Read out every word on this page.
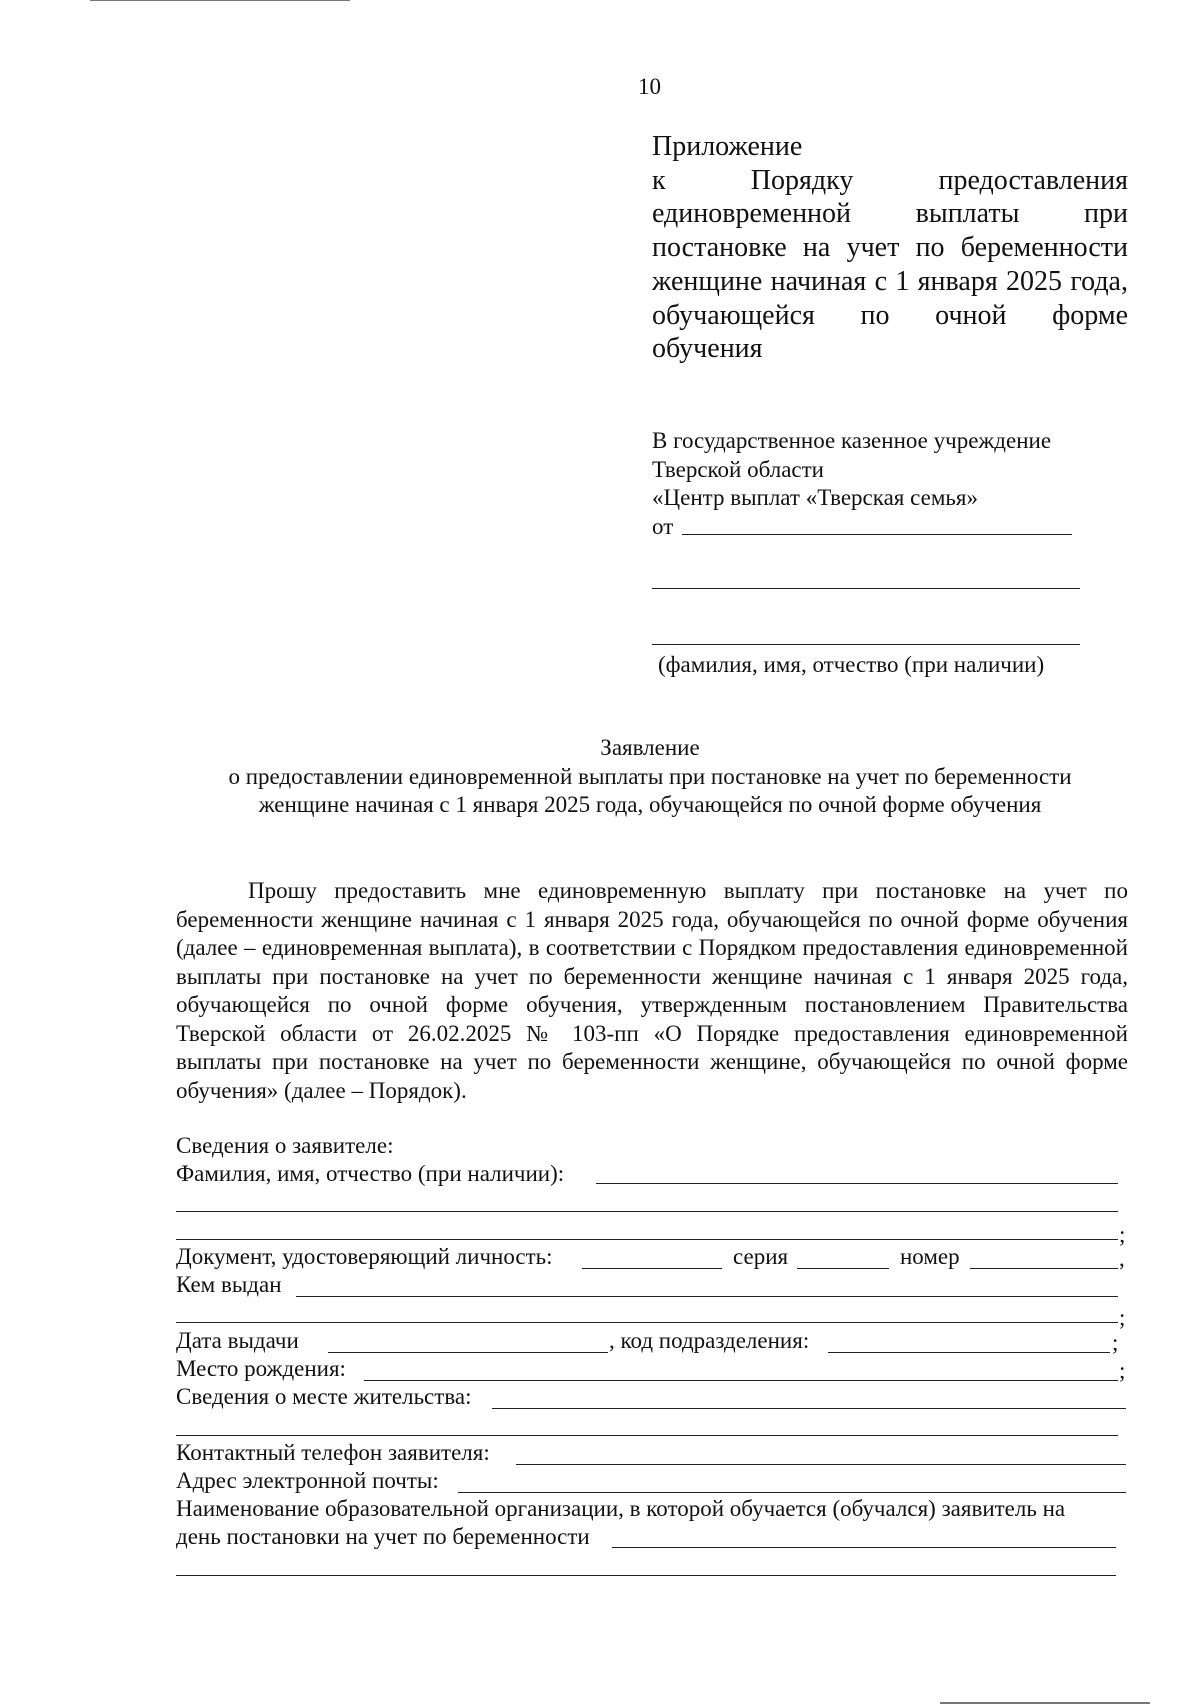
10
Приложение
к Порядку предоставления единовременной выплаты при постановке на учет по беременности женщине начиная с 1 января 2025 года, обучающейся по очной форме
обучения
В государственное казенное учреждение
Тверской области
«Центр выплат «Тверская семья»
от
(фамилия, имя, отчество (при наличии)
Заявление
о предоставлении единовременной выплаты при постановке на учет по беременности
женщине начиная с 1 января 2025 года, обучающейся по очной форме обучения
Прошу предоставить мне единовременную выплату при постановке на учет по беременности женщине начиная с 1 января 2025 года, обучающейся по очной форме обучения (далее – единовременная выплата), в соответствии с Порядком предоставления единовременной выплаты при постановке на учет по беременности женщине начиная с 1 января 2025 года, обучающейся по очной форме обучения, утвержденным постановлением Правительства Тверской области от 26.02.2025 № 103-пп «О Порядке предоставления единовременной выплаты при постановке на учет по беременности женщине, обучающейся по очной форме обучения» (далее – Порядок).
Сведения о заявителе:
Фамилия, имя, отчество (при наличии):
;
Документ, удостоверяющий личность:	серия	номер	,
Кем выдан
;
Дата выдачи	, код подразделения:	;
Место рождения:	;
Сведения о месте жительства:
Контактный телефон заявителя:
Адрес электронной почты:
Наименование образовательной организации, в которой обучается (обучался) заявитель на
день постановки на учет по беременности
